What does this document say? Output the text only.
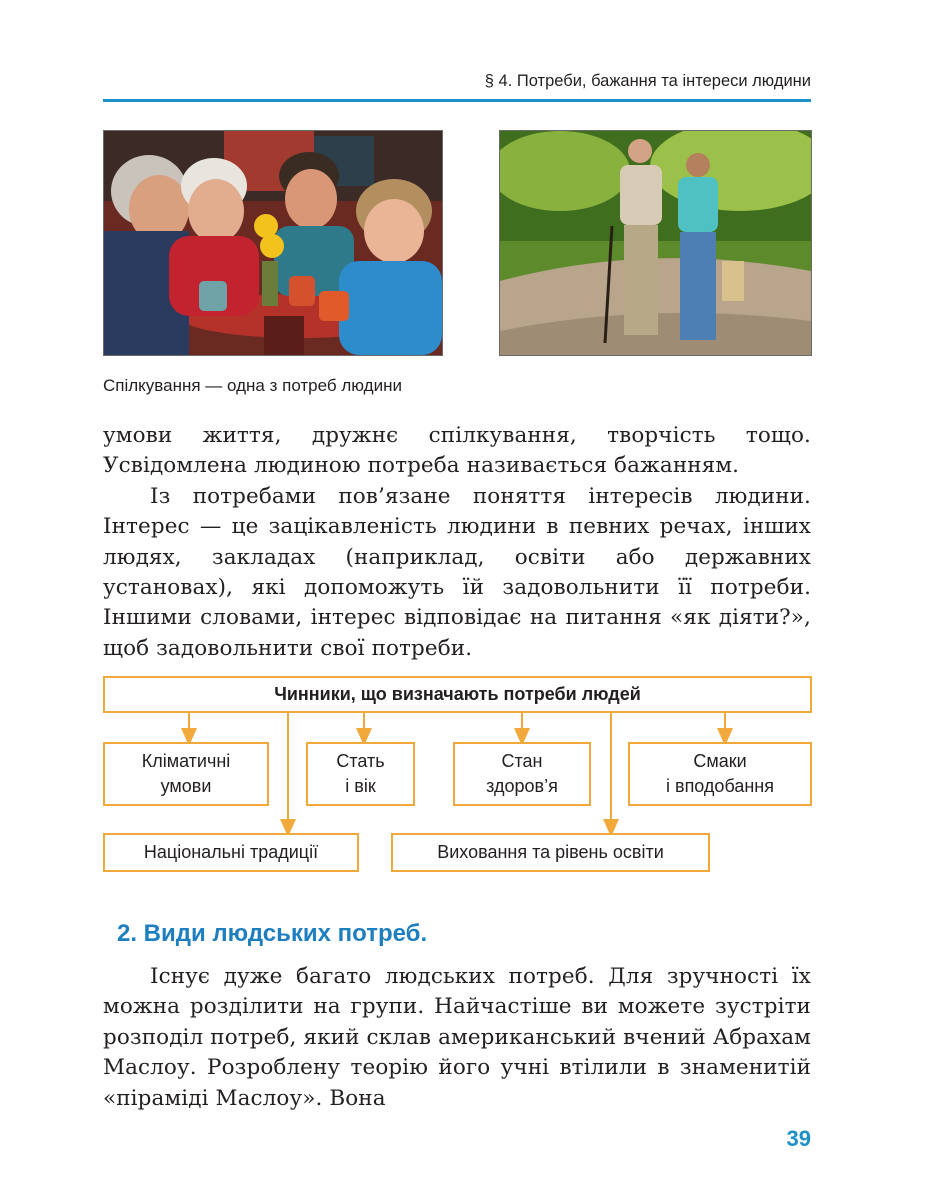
§ 4. Потреби, бажання та інтереси людини
Спілкування — одна з потреб людини

умови життя, дружнє спілкування, творчість тощо. Усвідомлена людиною потреба називається бажанням.

Із потребами пов’язане поняття інтересів людини. Інтерес — це зацікавленість людини в певних речах, інших людях, закладах (наприклад, освіти або державних установах), які допоможуть їй задовольнити її потреби. Іншими словами, інтерес відповідає на питання «як діяти?», щоб задовольнити свої потреби.

Чинники, що визначають потреби людей
Кліматичні
умови
Стать
і вік
Стан
здоров’я
Смаки
і вподобання
Національні традиції	Виховання та рівень освіти
2. Види людських потреб.

Існує дуже багато людських потреб. Для зручності їх можна розділити на групи. Найчастіше ви можете зустріти розподіл потреб, який склав американський вчений Абрахам Маслоу. Розроблену теорію його учні втілили в знаменитій «піраміді Маслоу». Вона

39
